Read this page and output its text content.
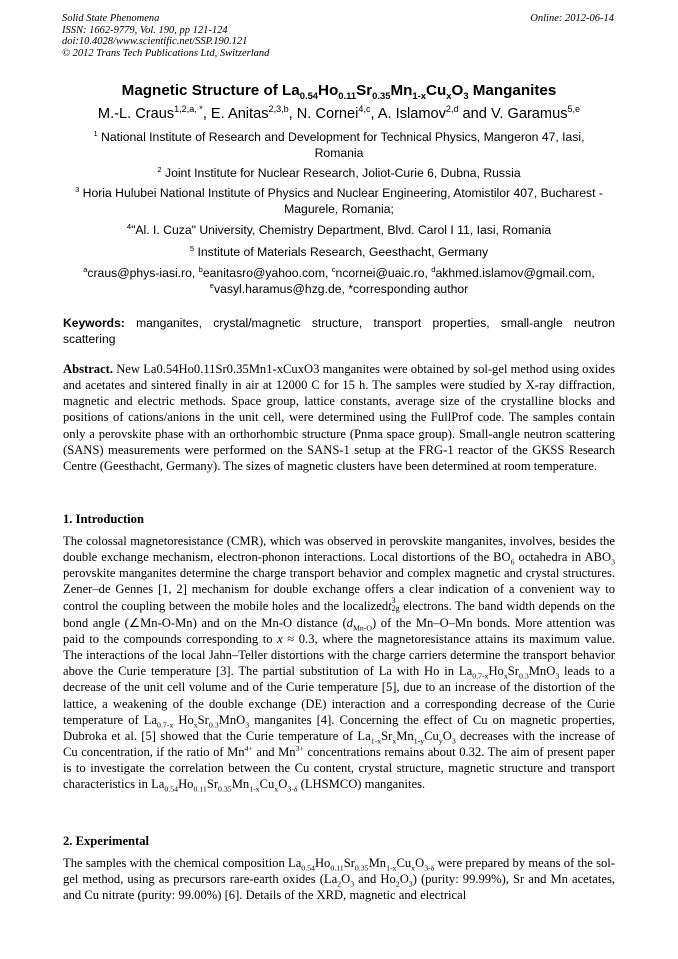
Solid State Phenomena
ISSN: 1662-9779, Vol. 190, pp 121-124
doi:10.4028/www.scientific.net/SSP.190.121
© 2012 Trans Tech Publications Ltd, Switzerland
Online: 2012-06-14
Magnetic Structure of $La_{0.54}Ho_{0.11}Sr_{0.35}Mn_{1-x}Cu_xO_3$ Manganites
M.-L. Craus$^{1,2,a, *}$, E. Anitas$^{2,3,b}$, N. Cornei$^{4,c}$, A. Islamov$^{2,d}$ and V. Garamus$^{5,e}$
$^1$ National Institute of Research and Development for Technical Physics, Mangeron 47, Iasi, Romania
$^2$ Joint Institute for Nuclear Research, Joliot-Curie 6, Dubna, Russia
$^3$ Horia Hulubei National Institute of Physics and Nuclear Engineering, Atomistilor 407, Bucharest - Magurele, Romania;
$^4$"Al. I. Cuza" University, Chemistry Department, Blvd. Carol I 11, Iasi, Romania
$^5$ Institute of Materials Research, Geesthacht, Germany
$^a$craus@phys-iasi.ro, $^b$eanitasro@yahoo.com, $^c$ncornei@uaic.ro, $^d$akhmed.islamov@gmail.com,
$^e$vasyl.haramus@hzg.de, *corresponding author
Keywords: manganites, crystal/magnetic structure, transport properties, small-angle neutron scattering
Abstract. New La0.54Ho0.11Sr0.35Mn1-xCuxO3 manganites were obtained by sol-gel method using oxides and acetates and sintered finally in air at 12000 C for 15 h. The samples were studied by X-ray diffraction, magnetic and electric methods. Space group, lattice constants, average size of the crystalline blocks and positions of cations/anions in the unit cell, were determined using the FullProf code. The samples contain only a perovskite phase with an orthorhombic structure (Pnma space group). Small-angle neutron scattering (SANS) measurements were performed on the SANS-1 setup at the FRG-1 reactor of the GKSS Research Centre (Geesthacht, Germany). The sizes of magnetic clusters have been determined at room temperature.
1. Introduction
The colossal magnetoresistance (CMR), which was observed in perovskite manganites, involves, besides the double exchange mechanism, electron-phonon interactions. Local distortions of the $BO_6$ octahedra in $ABO_3$ perovskite manganites determine the charge transport behavior and complex magnetic and crystal structures. Zener–de Gennes [1, 2] mechanism for double exchange offers a clear indication of a convenient way to control the coupling between the mobile holes and the localizedt 3
2g electrons. The band width depends on the bond angle (∠Mn-O-Mn) and on the Mn-O distance $(d_{Mn-O})$ of the Mn–O–Mn bonds. More attention was paid to the compounds corresponding to x ≈ 0.3, where the magnetoresistance attains its maximum value. The interactions of the local Jahn–Teller distortions with the charge carriers determine the transport behavior above the Curie temperature [3]. The partial substitution of La with Ho in $La_{0.7-x}Ho_xSr_{0.3}MnO_3$ leads to a decrease of the unit cell volume and of the Curie temperature [5], due to an increase of the distortion of the lattice, a weakening of the double exchange (DE) interaction and a corresponding decrease of the Curie temperature of $La_{0.7-x}$ $Ho_xSr_{0.3}MnO_3$ manganites [4]. Concerning the effect of Cu on magnetic properties, Dubroka et al. [5] showed that the Curie temperature of $La_{1-x}Sr_xMn_{1-y}Cu_yO_3$ decreases with the increase of Cu concentration, if the ratio of $Mn^{4+}$ and $Mn^{3+}$ concentrations remains about 0.32. The aim of present paper is to investigate the correlation between the Cu content, crystal structure, magnetic structure and transport characteristics in $La_{0.54}Ho_{0.11}Sr_{0.35}Mn_{1-x}Cu_xO_{3-\delta}$ (LHSMCO) manganites.
2. Experimental
The samples with the chemical composition $La_{0.54}Ho_{0.11}Sr_{0.35}Mn_{1-x}Cu_xO_{3-\delta}$ were prepared by means of the sol-gel method, using as precursors rare-earth oxides ($La_2O_3$ and $Ho_2O_3$) (purity: 99.99%), Sr and Mn acetates, and Cu nitrate (purity: 99.00%) [6]. Details of the XRD, magnetic and electrical
